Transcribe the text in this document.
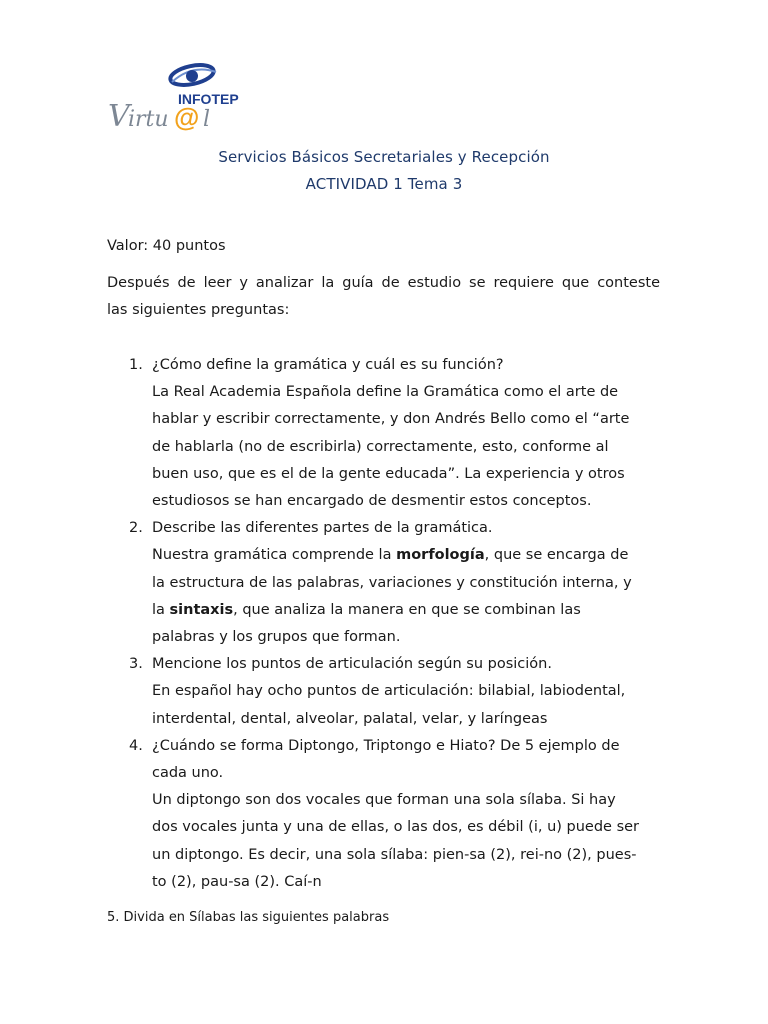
INFOTEP
V
irtu @ l
Servicios Básicos Secretariales y Recepción
ACTIVIDAD 1 Tema 3
Valor: 40 puntos
Después de leer y analizar la guía de estudio se requiere que conteste
las siguientes preguntas:
1. ¿Cómo define la gramática y cuál es su función?
La Real Academia Española define la Gramática como el arte de
hablar y escribir correctamente, y don Andrés Bello como el “arte
de hablarla (no de escribirla) correctamente, esto, conforme al
buen uso, que es el de la gente educada”. La experiencia y otros
estudiosos se han encargado de desmentir estos conceptos.
2. Describe las diferentes partes de la gramática.
Nuestra gramática comprende la morfología, que se encarga de
la estructura de las palabras, variaciones y constitución interna, y
la sintaxis, que analiza la manera en que se combinan las
palabras y los grupos que forman.
3. Mencione los puntos de articulación según su posición.
En español hay ocho puntos de articulación: bilabial, labiodental,
interdental, dental, alveolar, palatal, velar, y laríngeas
4. ¿Cuándo se forma Diptongo, Triptongo e Hiato? De 5 ejemplo de
cada uno.
Un diptongo son dos vocales que forman una sola sílaba. Si hay
dos vocales junta y una de ellas, o las dos, es débil (i, u) puede ser
un diptongo. Es decir, una sola sílaba: pien-sa (2), rei-no (2), pues-
to (2), pau-sa (2). Caí-n
5. Divida en Sílabas las siguientes palabras
